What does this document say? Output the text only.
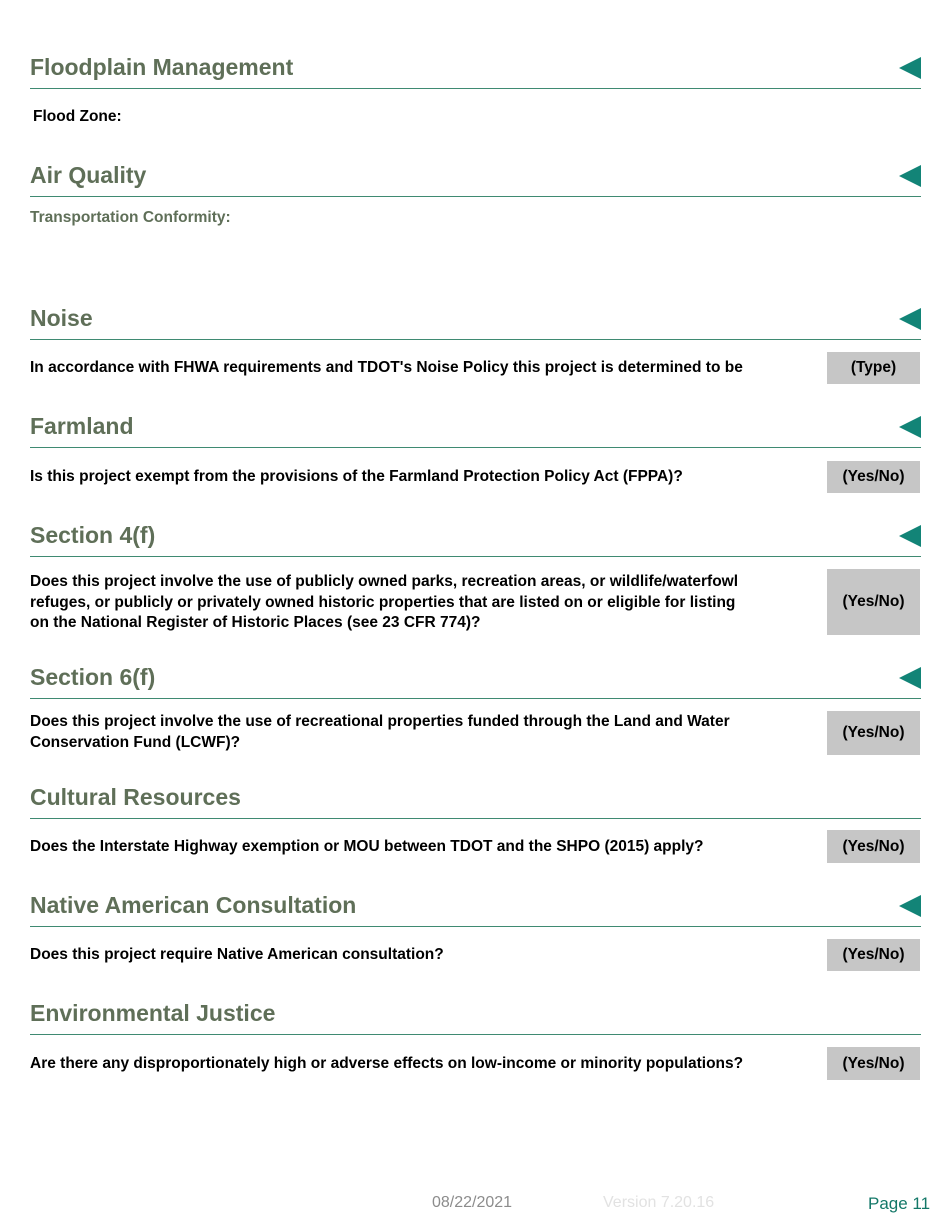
Floodplain Management
Flood Zone:
Air Quality
Transportation Conformity:
Noise
In accordance with FHWA requirements and TDOT's Noise Policy this project is determined to be	(Type)
Farmland
Is this project exempt from the provisions of the Farmland Protection Policy Act (FPPA)?	(Yes/No)
Section 4(f)
Does this project involve the use of publicly owned parks, recreation areas, or wildlife/waterfowl
refuges, or publicly or privately owned historic properties that are listed on or eligible for listing
on the National Register of Historic Places (see 23 CFR 774)?
(Yes/No)
Section 6(f)
Does this project involve the use of recreational properties funded through the Land and Water
Conservation Fund (LCWF)?
(Yes/No)
Cultural Resources
Does the Interstate Highway exemption or MOU between TDOT and the SHPO (2015) apply?	(Yes/No)
Native American Consultation
Does this project require Native American consultation?	(Yes/No)
Environmental Justice
Are there any disproportionately high or adverse effects on low-income or minority populations?	(Yes/No)
08/22/2021	Version 7.20.16	Page 11
